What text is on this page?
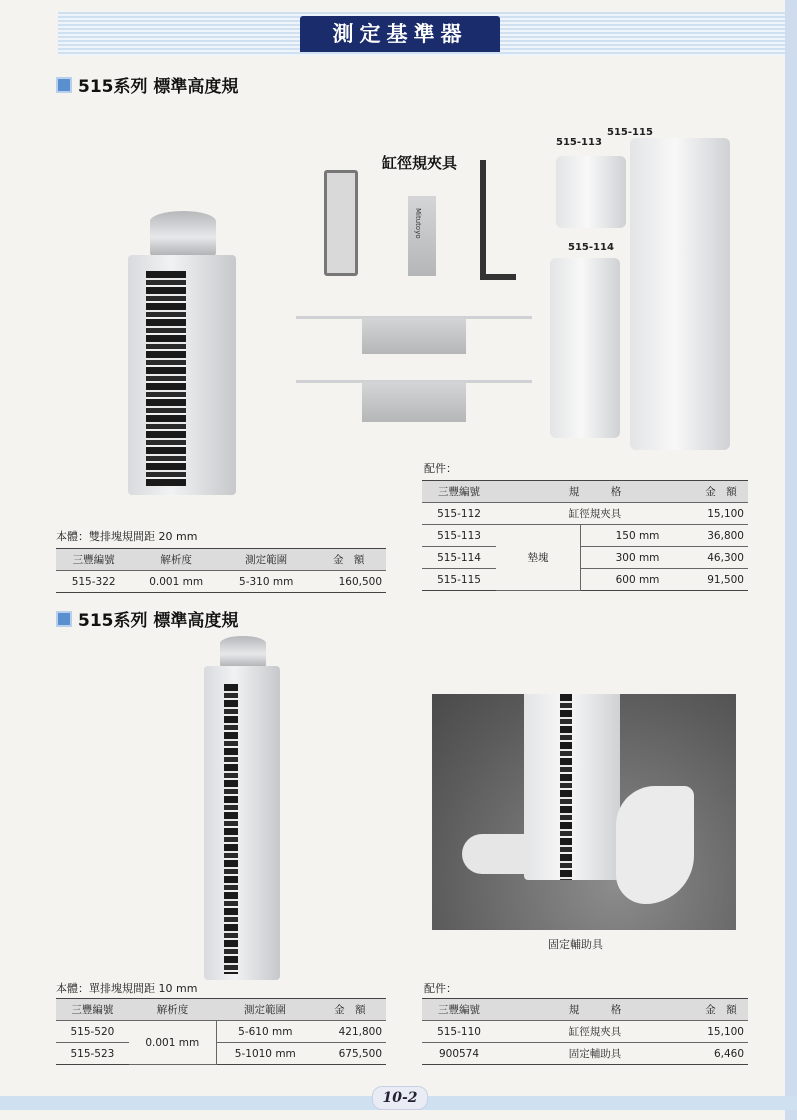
測定基準器
515系列 標準高度規
缸徑規夾具
Mitutoyo
515-113
515-115
515-114
本體：雙排塊規間距 20 mm
三豐編號	解析度	測定範圍	金　額
515-322	0.001 mm	5-310 mm	160,500
配件：
三豐編號	規　　　格		金　額
515-112	缸徑規夾具		15,100
515-113	墊塊	150 mm	36,800
515-114		300 mm	46,300
515-115		600 mm	91,500
515系列 標準高度規
固定輔助具
本體：單排塊規間距 10 mm
三豐編號	解析度	測定範圍	金　額
515-520	0.001 mm	5-610 mm	421,800
515-523		5-1010 mm	675,500
配件：
三豐編號	規　　　格	金　額
515-110	缸徑規夾具	15,100
900574	固定輔助具	6,460
10-2
